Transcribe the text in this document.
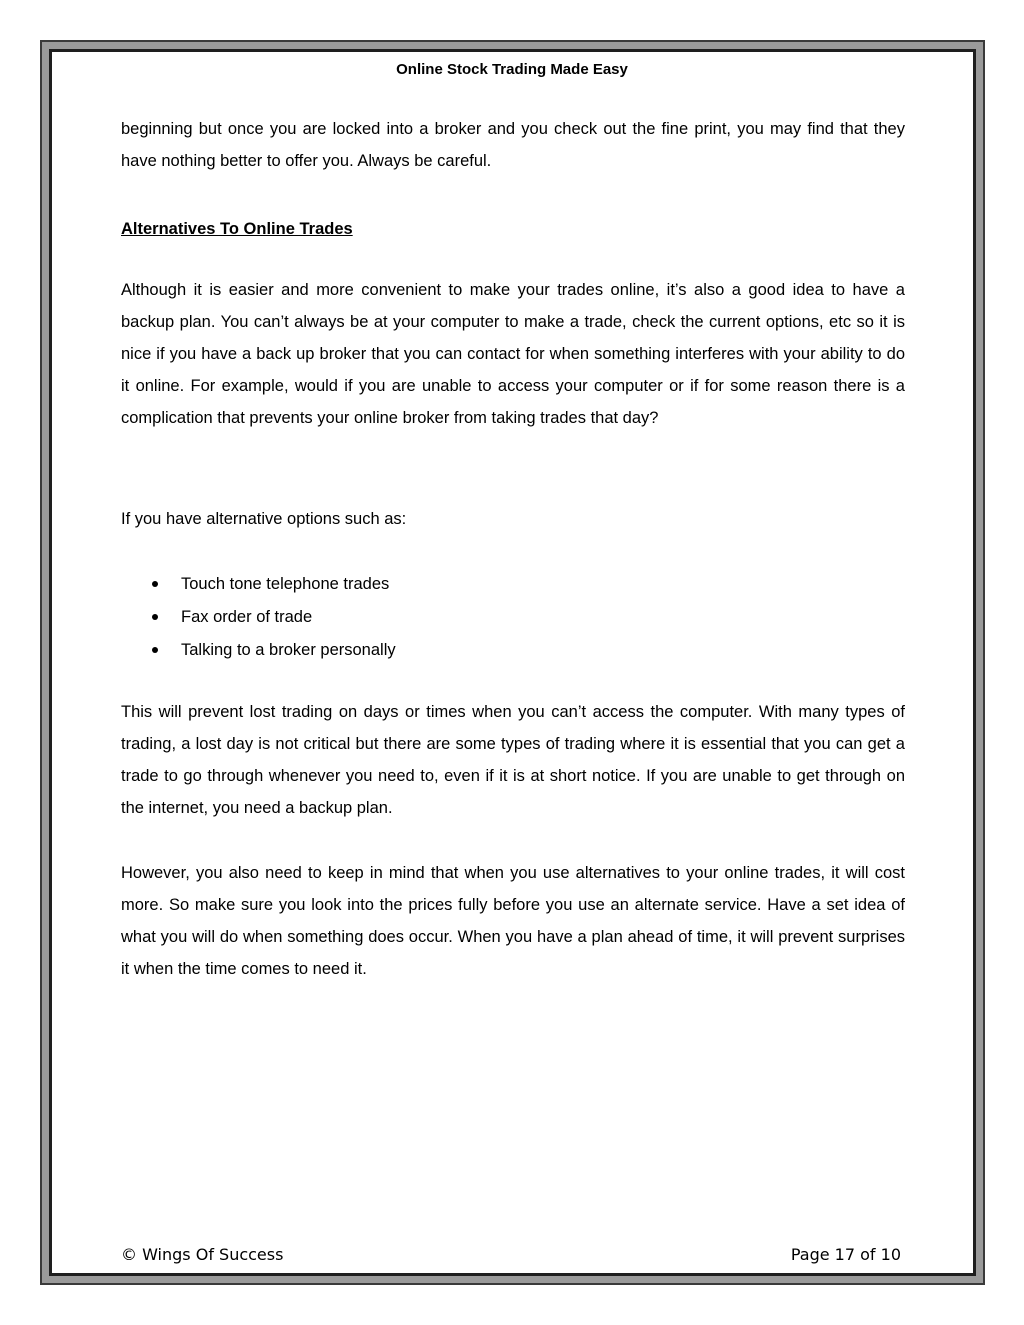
Online Stock Trading Made Easy

beginning but once you are locked into a broker and you check out the fine print, you may find that they have nothing better to offer you. Always be careful.

Alternatives To Online Trades

Although it is easier and more convenient to make your trades online, it’s also a good idea to have a backup plan. You can’t always be at your computer to make a trade, check the current options, etc so it is nice if you have a back up broker that you can contact for when something interferes with your ability to do it online. For example, would if you are unable to access your computer or if for some reason there is a complication that prevents your online broker from taking trades that day?

If you have alternative options such as:

Touch tone telephone trades
Fax order of trade
Talking to a broker personally

This will prevent lost trading on days or times when you can’t access the computer. With many types of trading, a lost day is not critical but there are some types of trading where it is essential that you can get a trade to go through whenever you need to, even if it is at short notice. If you are unable to get through on the internet, you need a backup plan.

However, you also need to keep in mind that when you use alternatives to your online trades, it will cost more. So make sure you look into the prices fully before you use an alternate service. Have a set idea of what you will do when something does occur. When you have a plan ahead of time, it will prevent surprises it when the time comes to need it.

© Wings Of Success	Page 17 of 10
